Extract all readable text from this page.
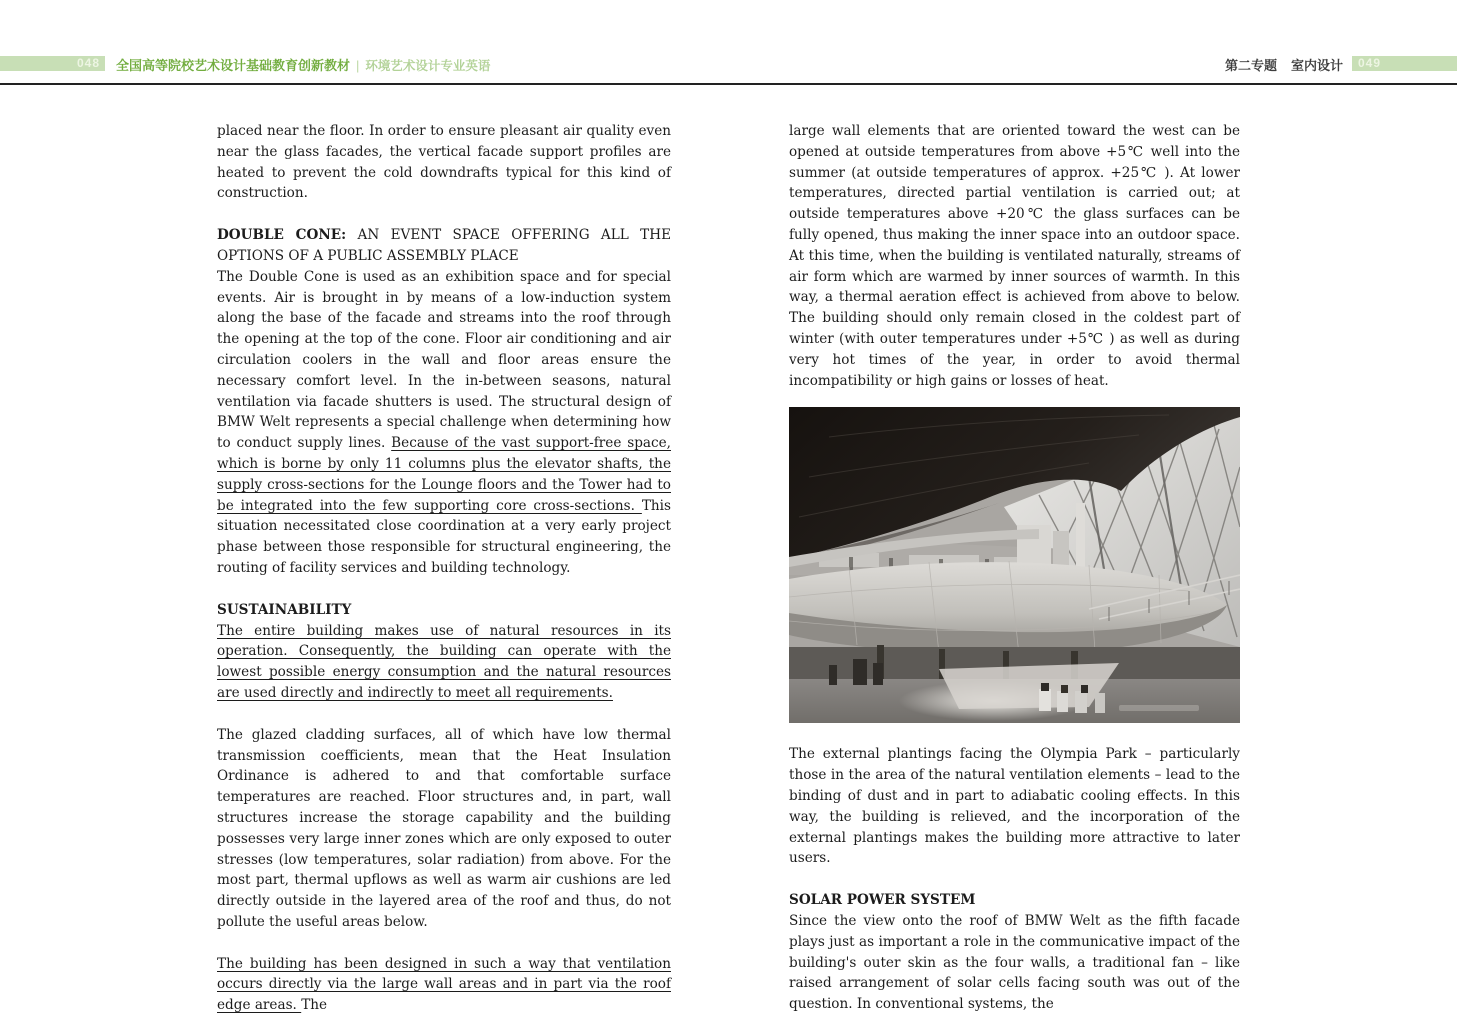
048 全国高等院校艺术设计基础教育创新教材 | 环境艺术设计专业英语	第二专题 室内设计 049

placed near the floor. In order to ensure pleasant air quality even near the glass facades, the vertical facade support profiles are heated to prevent the cold downdrafts typical for this kind of construction.

DOUBLE CONE: AN EVENT SPACE OFFERING ALL THE OPTIONS OF A PUBLIC ASSEMBLY PLACE

The Double Cone is used as an exhibition space and for special events. Air is brought in by means of a low-induction system along the base of the facade and streams into the roof through the opening at the top of the cone. Floor air conditioning and air circulation coolers in the wall and floor areas ensure the necessary comfort level. In the in-between seasons, natural ventilation via facade shutters is used. The structural design of BMW Welt represents a special challenge when determining how to conduct supply lines. Because of the vast support-free space, which is borne by only 11 columns plus the elevator shafts, the supply cross-sections for the Lounge floors and the Tower had to be integrated into the few supporting core cross-sections. This situation necessitated close coordination at a very early project phase between those responsible for structural engineering, the routing of facility services and building technology.

SUSTAINABILITY

The entire building makes use of natural resources in its operation. Consequently, the building can operate with the lowest possible energy consumption and the natural resources are used directly and indirectly to meet all requirements.

The glazed cladding surfaces, all of which have low thermal transmission coefficients, mean that the Heat Insulation Ordinance is adhered to and that comfortable surface temperatures are reached. Floor structures and, in part, wall structures increase the storage capability and the building possesses very large inner zones which are only exposed to outer stresses (low temperatures, solar radiation) from above. For the most part, thermal upflows as well as warm air cushions are led directly outside in the layered area of the roof and thus, do not pollute the useful areas below.

The building has been designed in such a way that ventilation occurs directly via the large wall areas and in part via the roof edge areas. The

large wall elements that are oriented toward the west can be opened at outside temperatures from above +5℃ well into the summer (at outside temperatures of approx. +25℃ ). At lower temperatures, directed partial ventilation is carried out; at outside temperatures above +20℃ the glass surfaces can be fully opened, thus making the inner space into an outdoor space. At this time, when the building is ventilated naturally, streams of air form which are warmed by inner sources of warmth. In this way, a thermal aeration effect is achieved from above to below. The building should only remain closed in the coldest part of winter (with outer temperatures under +5℃ ) as well as during very hot times of the year, in order to avoid thermal incompatibility or high gains or losses of heat.

The external plantings facing the Olympia Park – particularly those in the area of the natural ventilation elements – lead to the binding of dust and in part to adiabatic cooling effects. In this way, the building is relieved, and the incorporation of the external plantings makes the building more attractive to later users.

SOLAR POWER SYSTEM

Since the view onto the roof of BMW Welt as the fifth facade plays just as important a role in the communicative impact of the building's outer skin as the four walls, a traditional fan – like raised arrangement of solar cells facing south was out of the question. In conventional systems, the
